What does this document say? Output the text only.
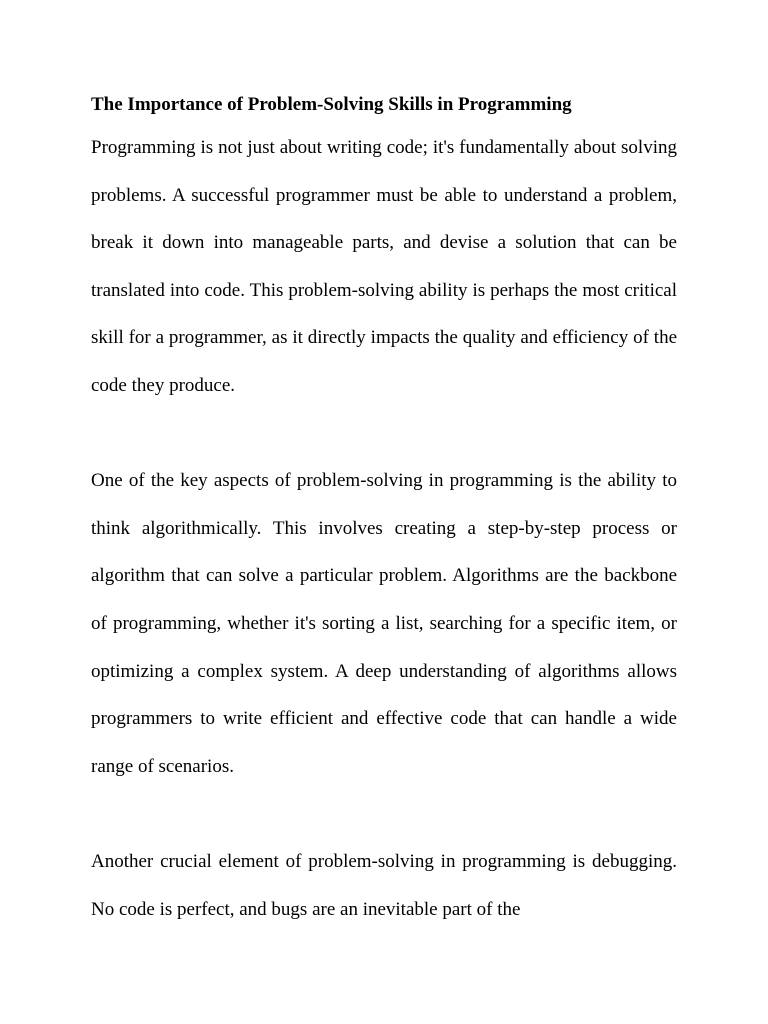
The Importance of Problem-Solving Skills in Programming

Programming is not just about writing code; it's fundamentally about solving problems. A successful programmer must be able to understand a problem, break it down into manageable parts, and devise a solution that can be translated into code. This problem-solving ability is perhaps the most critical skill for a programmer, as it directly impacts the quality and efficiency of the code they produce.

One of the key aspects of problem-solving in programming is the ability to think algorithmically. This involves creating a step-by-step process or algorithm that can solve a particular problem. Algorithms are the backbone of programming, whether it's sorting a list, searching for a specific item, or optimizing a complex system. A deep understanding of algorithms allows programmers to write efficient and effective code that can handle a wide range of scenarios.

Another crucial element of problem-solving in programming is debugging. No code is perfect, and bugs are an inevitable part of the
